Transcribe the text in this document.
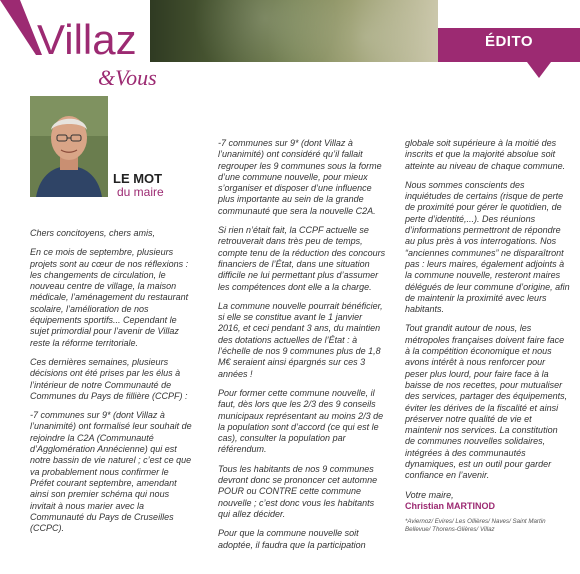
Villaz
&Vous
ÉDITO
LE MOT
du maire

Chers concitoyens, chers amis,

En ce mois de septembre, plusieurs projets sont au cœur de nos réflexions : les changements de circulation, le nouveau centre de village, la maison médicale, l’aménagement du restaurant scolaire, l’amélioration de nos équipements sportifs... Cependant le sujet primordial pour l’avenir de Villaz reste la réforme territoriale.

Ces dernières semaines, plusieurs décisions ont été prises par les élus à l’intérieur de notre Communauté de Communes du Pays de fillière (CCPF) :

-7 communes sur 9* (dont Villaz à l’unanimité) ont formalisé leur souhait de rejoindre la C2A (Communauté d’Agglomération Annécienne) qui est notre bassin de vie naturel ; c’est ce que va probablement nous confirmer le Préfet courant septembre, amendant ainsi son premier schéma qui nous invitait à nous marier avec la Communauté du Pays de Cruseilles (CCPC).

-7 communes sur 9* (dont Villaz à l’unanimité) ont considéré qu’il fallait regrouper les 9 communes sous la forme d’une commune nouvelle, pour mieux s’organiser et disposer d’une influence plus importante au sein de la grande communauté que sera la nouvelle C2A.

Si rien n’était fait, la CCPF actuelle se retrouverait dans très peu de temps, compte tenu de la réduction des concours financiers de l’État, dans une situation difficile ne lui permettant plus d’assumer les compétences dont elle a la charge.

La commune nouvelle pourrait bénéficier, si elle se constitue avant le 1 janvier 2016, et ceci pendant 3 ans, du maintien des dotations actuelles de l’État : à l’échelle de nos 9 communes plus de 1,8 M€ seraient ainsi épargnés sur ces 3 années !

Pour former cette commune nouvelle, il faut, dès lors que les 2/3 des 9 conseils municipaux représentant au moins 2/3 de la population sont d’accord (ce qui est le cas), consulter la population par référendum.

Tous les habitants de nos 9 communes devront donc se prononcer cet automne POUR ou CONTRE cette commune nouvelle ; c’est donc vous les habitants qui allez décider.

Pour que la commune nouvelle soit adoptée, il faudra que la participation

globale soit supérieure à la moitié des inscrits et que la majorité absolue soit atteinte au niveau de chaque commune.

Nous sommes conscients des inquiétudes de certains (risque de perte de proximité pour gérer le quotidien, de perte d’identité,...). Des réunions d’informations permettront de répondre au plus près à vos interrogations. Nos “anciennes communes” ne disparaîtront pas : leurs maires, également adjoints à la commune nouvelle, resteront maires délégués de leur commune d’origine, afin de maintenir la proximité avec leurs habitants.

Tout grandit autour de nous, les métropoles françaises doivent faire face à la compétition économique et nous avons intérêt à nous renforcer pour peser plus lourd, pour faire face à la baisse de nos recettes, pour mutualiser des services, partager des équipements, éviter les dérives de la fiscalité et ainsi préserver notre qualité de vie et maintenir nos services. La constitution de communes nouvelles solidaires, intégrées à des communautés dynamiques, est un outil pour garder confiance en l’avenir.

Votre maire,
Christian MARTINOD
*Aviernoz/ Evires/ Les Ollières/ Naves/ Saint Martin Bellevue/ Thorens-Glières/ Villaz
